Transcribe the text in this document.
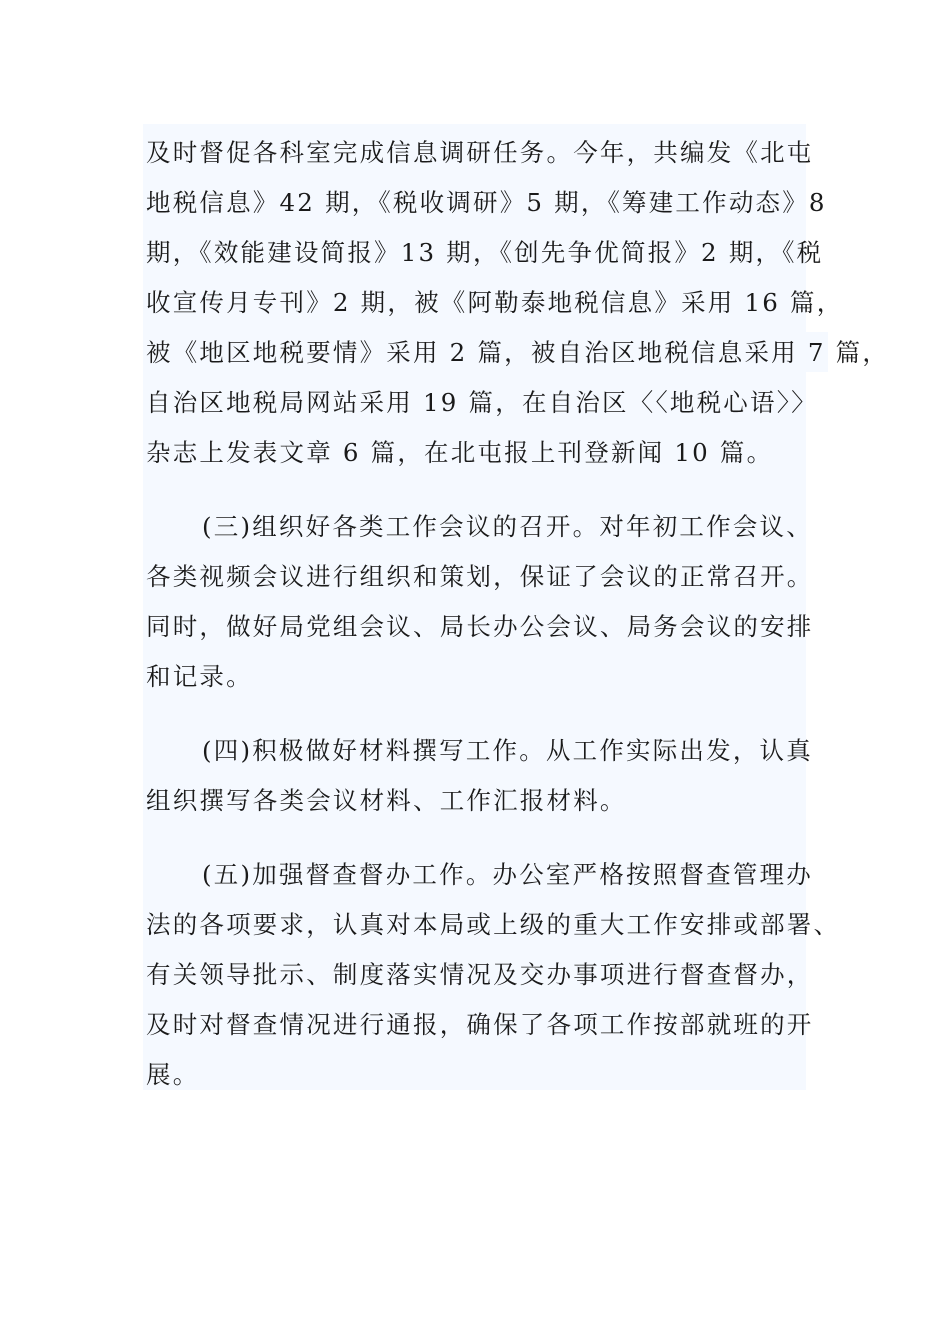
及时督促各科室完成信息调研任务。今年，共编发《北屯
地税信息》42 期，《税收调研》5 期，《筹建工作动态》8
期，《效能建设简报》13 期，《创先争优简报》2 期，《税
收宣传月专刊》2 期，被《阿勒泰地税信息》采用 16 篇，
被《地区地税要情》采用 2 篇，被自治区地税信息采用 7 篇，
自治区地税局网站采用 19 篇，在自治区〈〈地税心语〉〉
杂志上发表文章 6 篇，在北屯报上刊登新闻 10 篇。
(三)组织好各类工作会议的召开。对年初工作会议、
各类视频会议进行组织和策划，保证了会议的正常召开。
同时，做好局党组会议、局长办公会议、局务会议的安排
和记录。
(四)积极做好材料撰写工作。从工作实际出发，认真
组织撰写各类会议材料、工作汇报材料。
(五)加强督查督办工作。办公室严格按照督查管理办
法的各项要求，认真对本局或上级的重大工作安排或部署、
有关领导批示、制度落实情况及交办事项进行督查督办，
及时对督查情况进行通报，确保了各项工作按部就班的开
展。
